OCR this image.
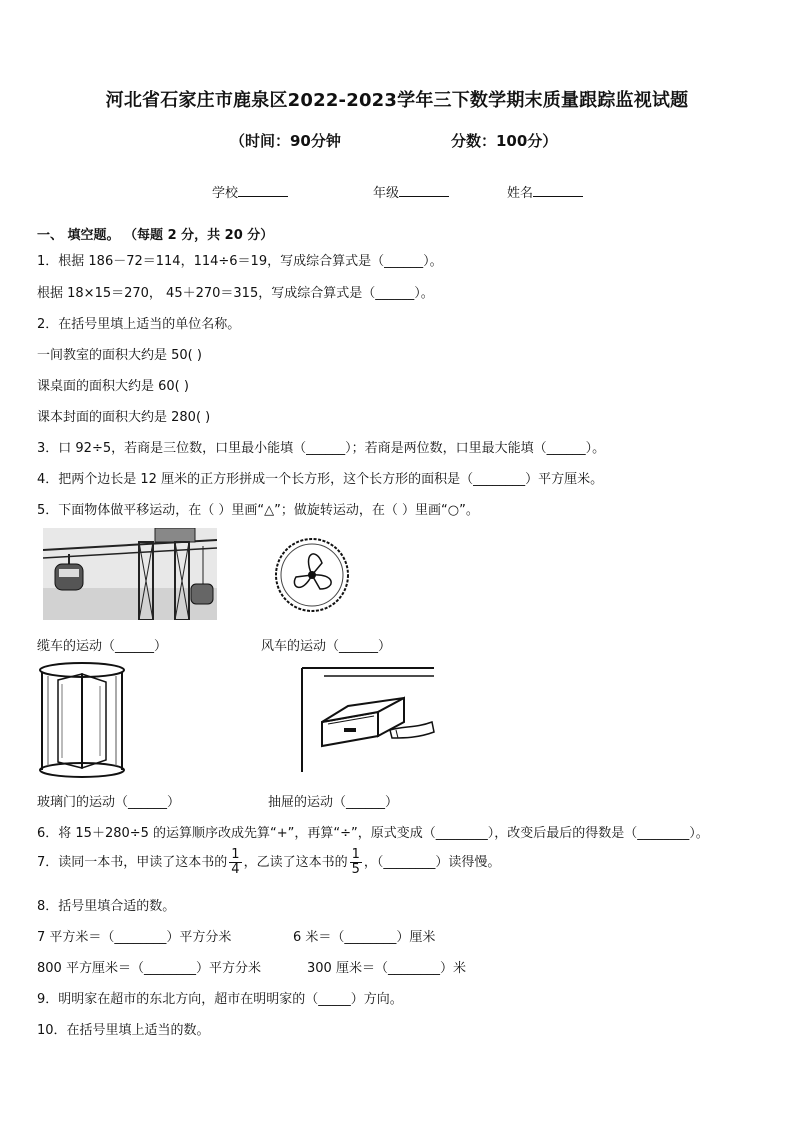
河北省石家庄市鹿泉区2022-2023学年三下数学期末质量跟踪监视试题
（时间：90分钟	分数：100分）
学校	年级	姓名
一、 填空题。 （每题 2 分，共 20 分）
1．根据 186－72＝114，114÷6＝19，写成综合算式是（______）。
根据 18×15＝270， 45＋270＝315，写成综合算式是（______）。
2．在括号里填上适当的单位名称。
一间教室的面积大约是 50( )
课桌面的面积大约是 60( )
课本封面的面积大约是 280( )
3．口 92÷5，若商是三位数，口里最小能填（______）；若商是两位数，口里最大能填（______）。
4．把两个边长是 12 厘米的正方形拼成一个长方形，这个长方形的面积是（________）平方厘米。
5．下面物体做平移运动，在（ ）里画“△”；做旋转运动，在（ ）里画“○”。
缆车的运动（______）	风车的运动（______）
玻璃门的运动（______）	抽屉的运动（______）
6．将 15＋280÷5 的运算顺序改成先算“+”，再算“÷”，原式变成（________），改变后最后的得数是（________）。
7．读同一本书，甲读了这本书的 $\frac{1}{4}$ ，乙读了这本书的 $\frac{1}{5}$ ，（________）读得慢。
8．括号里填合适的数。
7 平方米＝（________）平方分米	6 米＝（________）厘米
800 平方厘米＝（________）平方分米	300 厘米＝（________）米
9．明明家在超市的东北方向，超市在明明家的（_____）方向。
10．在括号里填上适当的数。
